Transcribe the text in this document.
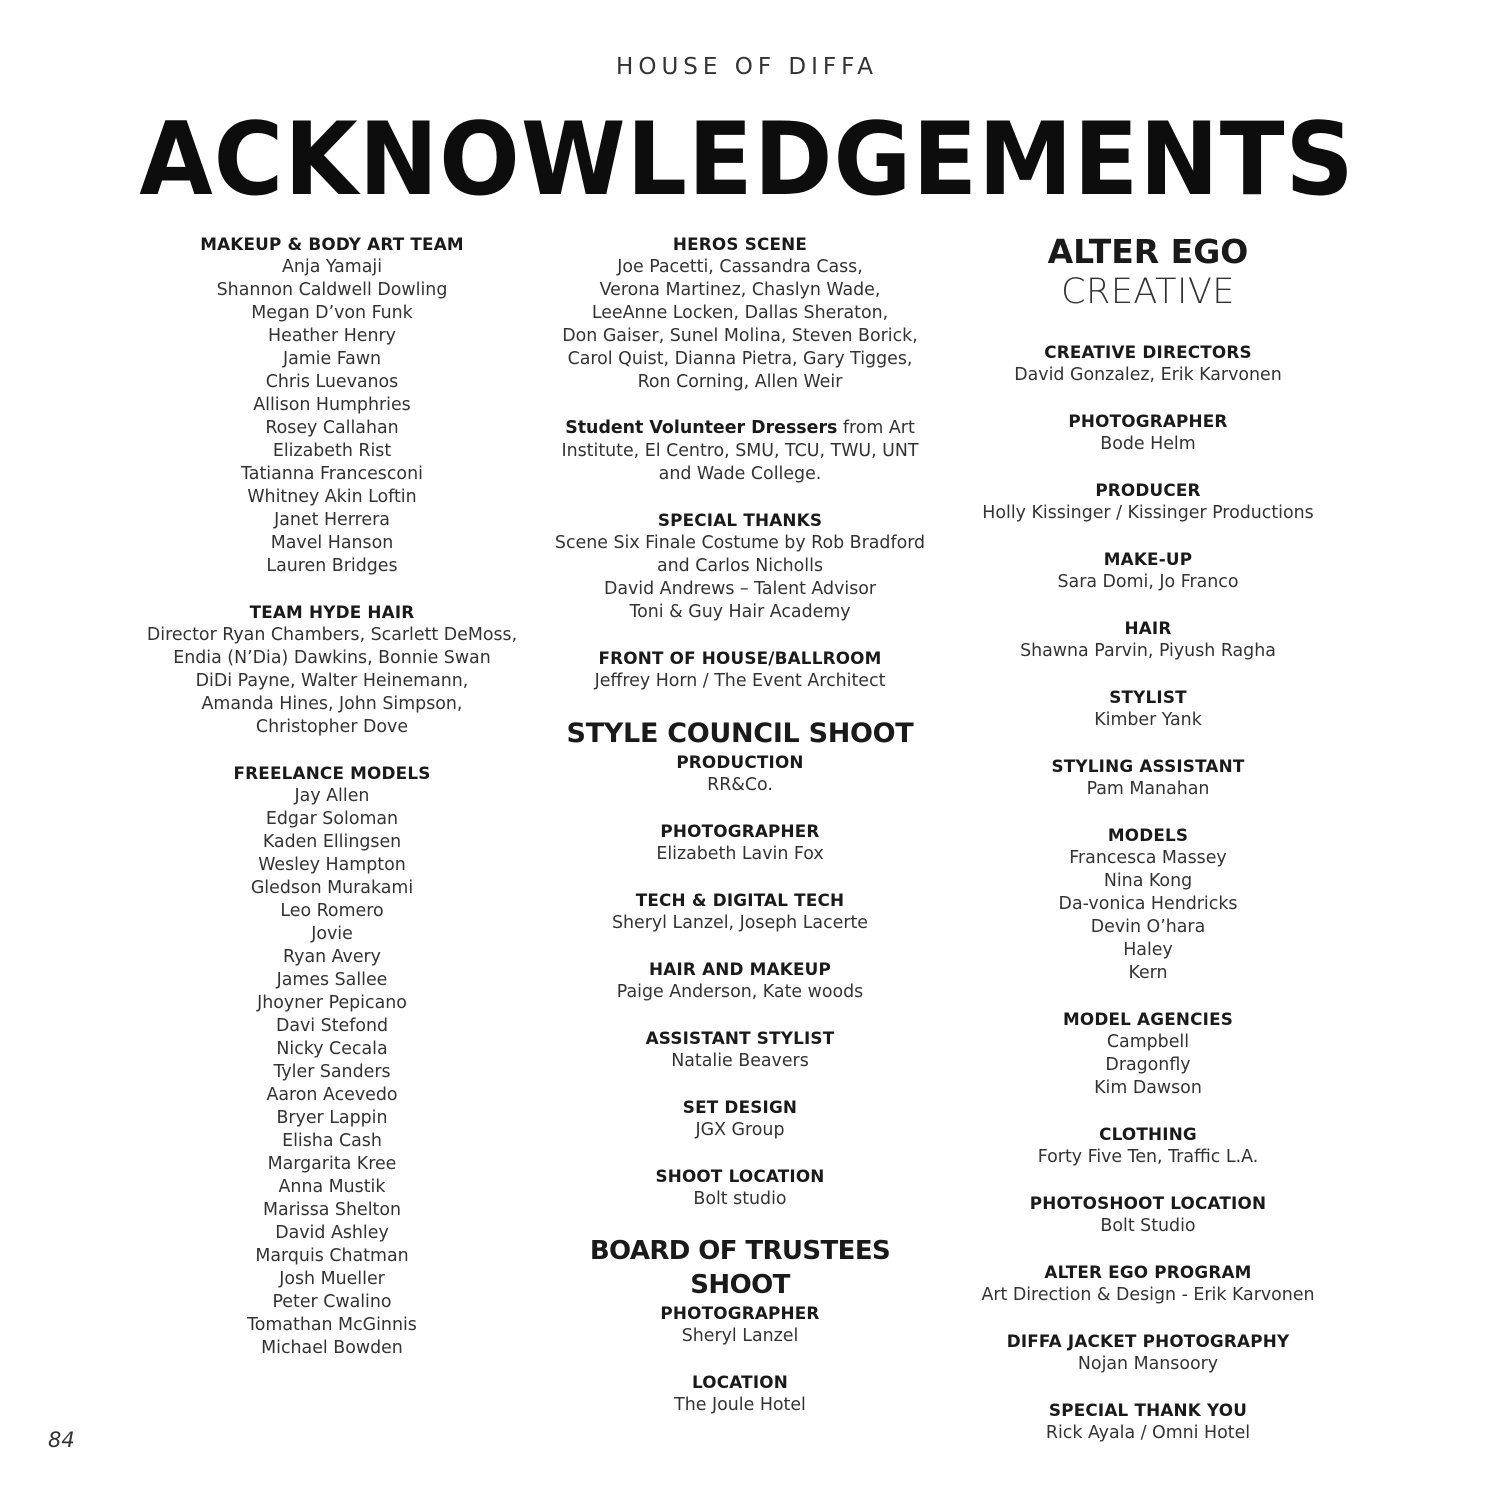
HOUSE OF DIFFA
ACKNOWLEDGEMENTS
MAKEUP & BODY ART TEAM
Anja Yamaji
Shannon Caldwell Dowling
Megan D’von Funk
Heather Henry
Jamie Fawn
Chris Luevanos
Allison Humphries
Rosey Callahan
Elizabeth Rist
Tatianna Francesconi
Whitney Akin Loftin
Janet Herrera
Mavel Hanson
Lauren Bridges
TEAM HYDE HAIR
Director Ryan Chambers, Scarlett DeMoss,
Endia (N’Dia) Dawkins, Bonnie Swan
DiDi Payne, Walter Heinemann,
Amanda Hines, John Simpson,
Christopher Dove
FREELANCE MODELS
Jay Allen
Edgar Soloman
Kaden Ellingsen
Wesley Hampton
Gledson Murakami
Leo Romero
Jovie
Ryan Avery
James Sallee
Jhoyner Pepicano
Davi Stefond
Nicky Cecala
Tyler Sanders
Aaron Acevedo
Bryer Lappin
Elisha Cash
Margarita Kree
Anna Mustik
Marissa Shelton
David Ashley
Marquis Chatman
Josh Mueller
Peter Cwalino
Tomathan McGinnis
Michael Bowden
HEROS SCENE
Joe Pacetti, Cassandra Cass,
Verona Martinez, Chaslyn Wade,
LeeAnne Locken, Dallas Sheraton,
Don Gaiser, Sunel Molina, Steven Borick,
Carol Quist, Dianna Pietra, Gary Tigges,
Ron Corning, Allen Weir
Student Volunteer Dressers from Art
Institute, El Centro, SMU, TCU, TWU, UNT
and Wade College.
SPECIAL THANKS
Scene Six Finale Costume by Rob Bradford
and Carlos Nicholls
David Andrews – Talent Advisor
Toni & Guy Hair Academy
FRONT OF HOUSE/BALLROOM
Jeffrey Horn / The Event Architect
STYLE COUNCIL SHOOT
PRODUCTION
RR&Co.
PHOTOGRAPHER
Elizabeth Lavin Fox
TECH & DIGITAL TECH
Sheryl Lanzel, Joseph Lacerte
HAIR AND MAKEUP
Paige Anderson, Kate woods
ASSISTANT STYLIST
Natalie Beavers
SET DESIGN
JGX Group
SHOOT LOCATION
Bolt studio
BOARD OF TRUSTEES SHOOT
PHOTOGRAPHER
Sheryl Lanzel
LOCATION
The Joule Hotel
ALTER EGO
CREATIVE
CREATIVE DIRECTORS
David Gonzalez, Erik Karvonen
PHOTOGRAPHER
Bode Helm
PRODUCER
Holly Kissinger / Kissinger Productions
MAKE-UP
Sara Domi, Jo Franco
HAIR
Shawna Parvin, Piyush Ragha
STYLIST
Kimber Yank
STYLING ASSISTANT
Pam Manahan
MODELS
Francesca Massey
Nina Kong
Da-vonica Hendricks
Devin O’hara
Haley
Kern
MODEL AGENCIES
Campbell
Dragonfly
Kim Dawson
CLOTHING
Forty Five Ten, Traffic L.A.
PHOTOSHOOT LOCATION
Bolt Studio
ALTER EGO PROGRAM
Art Direction & Design - Erik Karvonen
DIFFA JACKET PHOTOGRAPHY
Nojan Mansoory
SPECIAL THANK YOU
Rick Ayala / Omni Hotel
84
